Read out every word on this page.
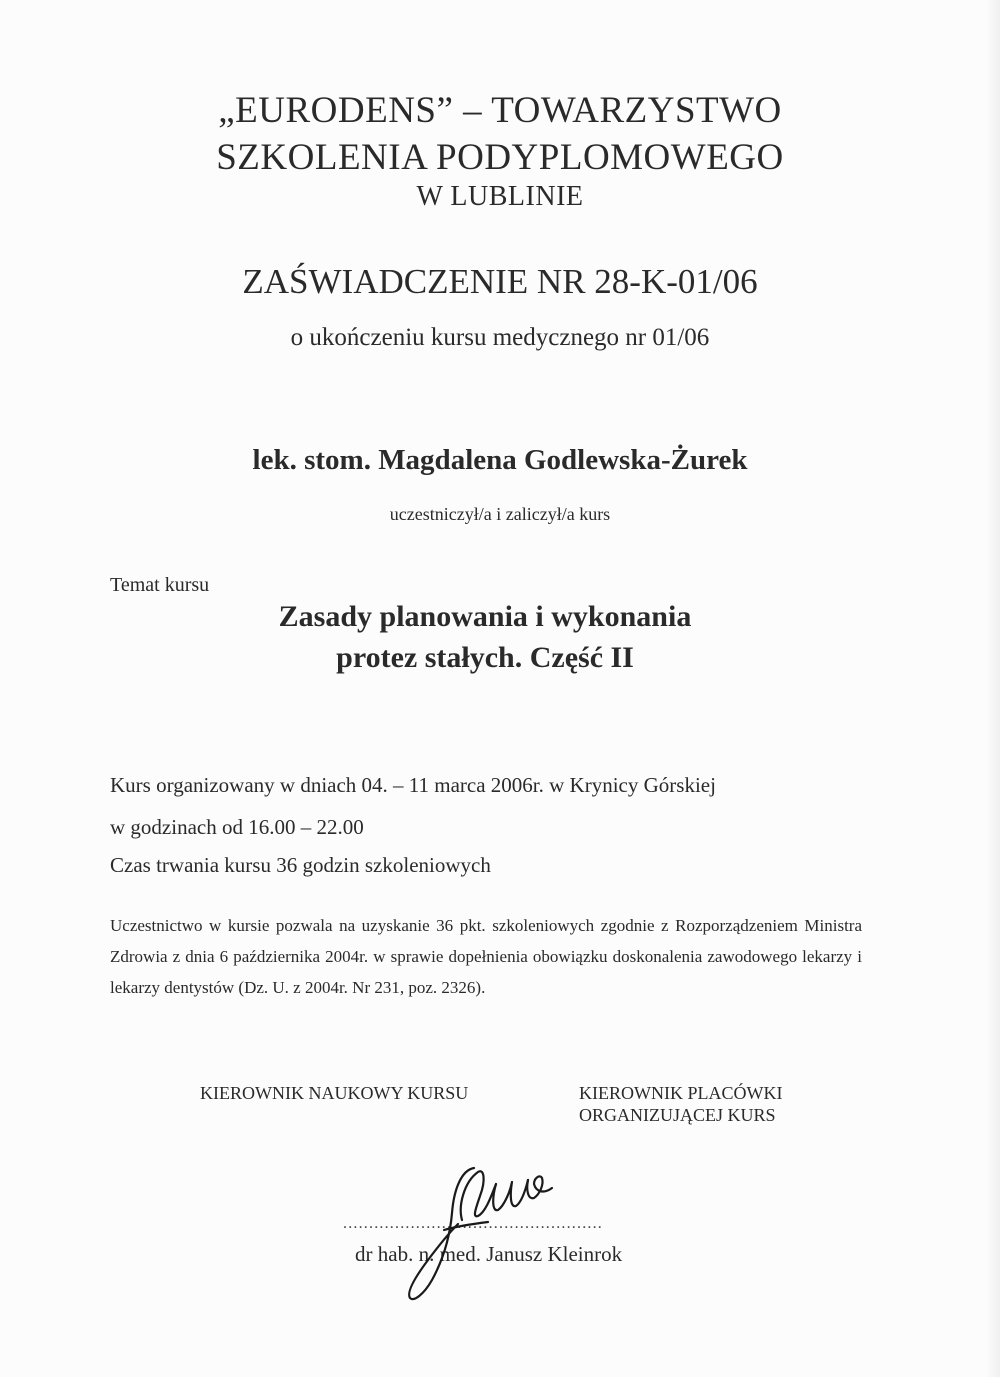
„EURODENS” – TOWARZYSTWO
SZKOLENIA PODYPLOMOWEGO
W LUBLINIE
ZAŚWIADCZENIE NR 28-K-01/06
o ukończeniu kursu medycznego nr 01/06
lek. stom. Magdalena Godlewska-Żurek
uczestniczył/a i zaliczył/a kurs
Temat kursu
Zasady planowania i wykonania
protez stałych. Część II
Kurs organizowany w dniach 04. – 11 marca 2006r. w Krynicy Górskiej
w godzinach od 16.00 – 22.00
Czas trwania kursu 36 godzin szkoleniowych
Uczestnictwo w kursie pozwala na uzyskanie 36 pkt. szkoleniowych zgodnie z Rozporządzeniem Ministra Zdrowia z dnia 6 października 2004r. w sprawie dopełnienia obowiązku doskonalenia zawodowego lekarzy i lekarzy dentystów (Dz. U. z 2004r. Nr 231, poz. 2326).
KIEROWNIK NAUKOWY KURSU	KIEROWNIK PLACÓWKI
ORGANIZUJĄCEJ KURS
..................................................
dr hab. n. med. Janusz Kleinrok
